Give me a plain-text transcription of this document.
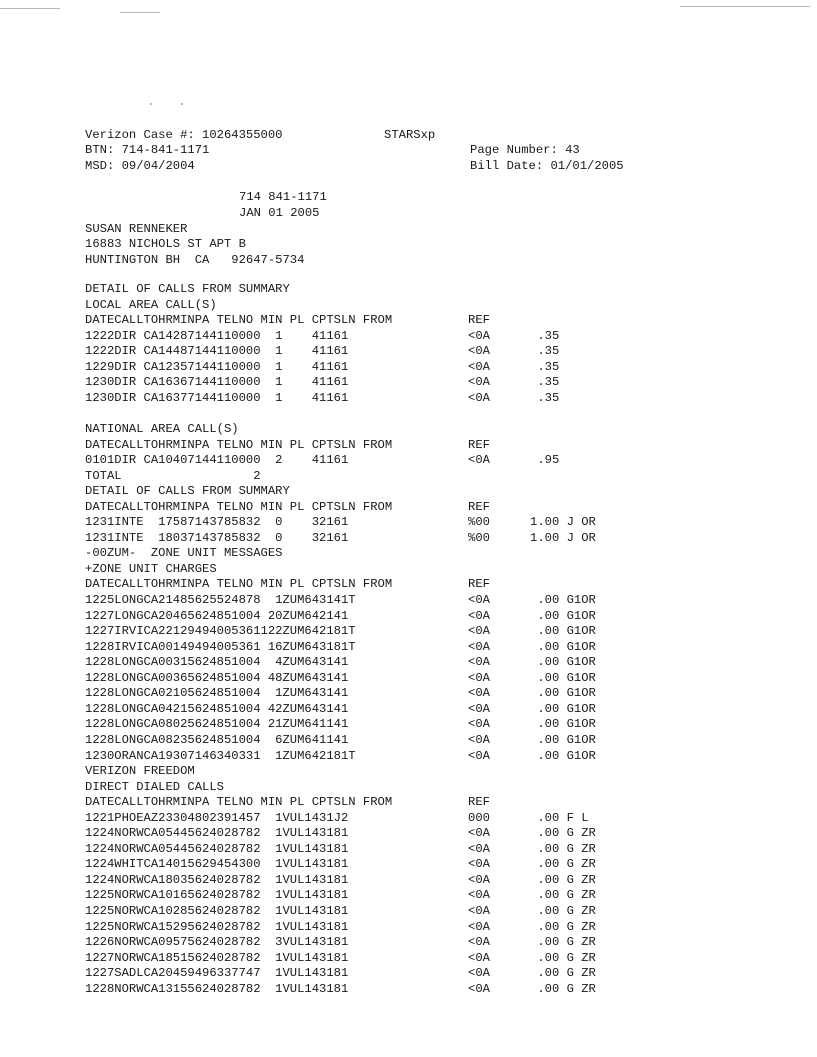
Verizon Case #: 10264355000	STARSxp
BTN: 714-841-1171	Page Number: 43
MSD: 09/04/2004	Bill Date: 01/01/2005
714 841-1171
JAN 01 2005
SUSAN RENNEKER
16883 NICHOLS ST APT B
HUNTINGTON BH  CA   92647-5734
DETAIL OF CALLS FROM SUMMARY
LOCAL AREA CALL(S)
DATECALLTOHRMINPA TELNO MIN PL CPTSLN FROM	REF
1222DIR CA14287144110000  1    41161	<0A	.35
1222DIR CA14487144110000  1    41161	<0A	.35
1229DIR CA12357144110000  1    41161	<0A	.35
1230DIR CA16367144110000  1    41161	<0A	.35
1230DIR CA16377144110000  1    41161	<0A	.35
NATIONAL AREA CALL(S)
DATECALLTOHRMINPA TELNO MIN PL CPTSLN FROM	REF
0101DIR CA10407144110000  2    41161	<0A	.95
TOTAL                  2
DETAIL OF CALLS FROM SUMMARY
DATECALLTOHRMINPA TELNO MIN PL CPTSLN FROM	REF
1231INTE  17587143785832  0    32161	%00	1.00 J OR
1231INTE  18037143785832  0    32161	%00	1.00 J OR
-00ZUM-  ZONE UNIT MESSAGES
+ZONE UNIT CHARGES
DATECALLTOHRMINPA TELNO MIN PL CPTSLN FROM	REF
1225LONGCA21485625524878  1ZUM643141T	<0A	.00 G1OR
1227LONGCA20465624851004 20ZUM642141	<0A	.00 G1OR
1227IRVICA22129494005361122ZUM642181T	<0A	.00 G1OR
1228IRVICA00149494005361 16ZUM643181T	<0A	.00 G1OR
1228LONGCA00315624851004  4ZUM643141	<0A	.00 G1OR
1228LONGCA00365624851004 48ZUM643141	<0A	.00 G1OR
1228LONGCA02105624851004  1ZUM643141	<0A	.00 G1OR
1228LONGCA04215624851004 42ZUM643141	<0A	.00 G1OR
1228LONGCA08025624851004 21ZUM641141	<0A	.00 G1OR
1228LONGCA08235624851004  6ZUM641141	<0A	.00 G1OR
1230ORANCA19307146340331  1ZUM642181T	<0A	.00 G1OR
VERIZON FREEDOM
DIRECT DIALED CALLS
DATECALLTOHRMINPA TELNO MIN PL CPTSLN FROM	REF
1221PHOEAZ23304802391457  1VUL1431J2	000	.00 F L
1224NORWCA05445624028782  1VUL143181	<0A	.00 G ZR
1224NORWCA05445624028782  1VUL143181	<0A	.00 G ZR
1224WHITCA14015629454300  1VUL143181	<0A	.00 G ZR
1224NORWCA18035624028782  1VUL143181	<0A	.00 G ZR
1225NORWCA10165624028782  1VUL143181	<0A	.00 G ZR
1225NORWCA10285624028782  1VUL143181	<0A	.00 G ZR
1225NORWCA15295624028782  1VUL143181	<0A	.00 G ZR
1226NORWCA09575624028782  3VUL143181	<0A	.00 G ZR
1227NORWCA18515624028782  1VUL143181	<0A	.00 G ZR
1227SADLCA20459496337747  1VUL143181	<0A	.00 G ZR
1228NORWCA13155624028782  1VUL143181	<0A	.00 G ZR
